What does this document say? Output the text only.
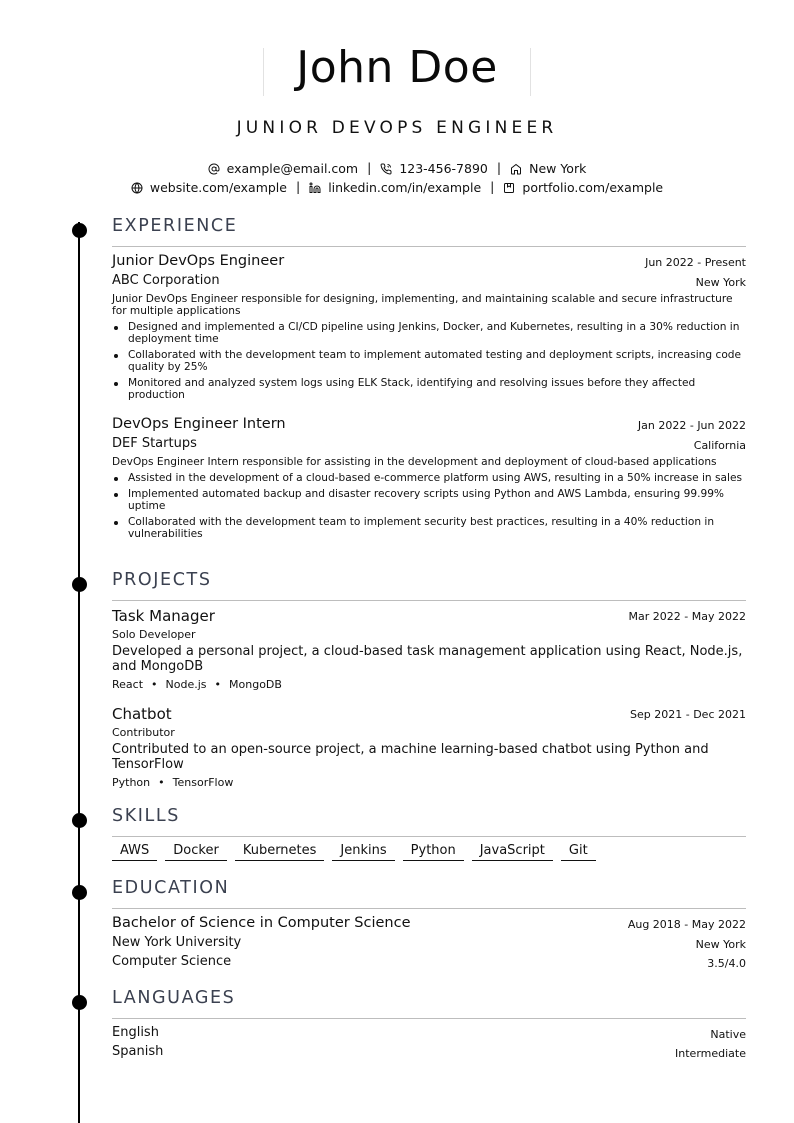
John Doe
JUNIOR DEVOPS ENGINEER
example@email.com | 123-456-7890 | New York
website.com/example | linkedin.com/in/example | portfolio.com/example
EXPERIENCE
Junior DevOps Engineer	Jun 2022 - Present
ABC Corporation	New York
Junior DevOps Engineer responsible for designing, implementing, and maintaining scalable and secure infrastructure for multiple applications
Designed and implemented a CI/CD pipeline using Jenkins, Docker, and Kubernetes, resulting in a 30% reduction in deployment time
Collaborated with the development team to implement automated testing and deployment scripts, increasing code quality by 25%
Monitored and analyzed system logs using ELK Stack, identifying and resolving issues before they affected production
DevOps Engineer Intern	Jan 2022 - Jun 2022
DEF Startups	California
DevOps Engineer Intern responsible for assisting in the development and deployment of cloud-based applications
Assisted in the development of a cloud-based e-commerce platform using AWS, resulting in a 50% increase in sales
Implemented automated backup and disaster recovery scripts using Python and AWS Lambda, ensuring 99.99% uptime
Collaborated with the development team to implement security best practices, resulting in a 40% reduction in vulnerabilities
PROJECTS
Task Manager	Mar 2022 - May 2022
Solo Developer
Developed a personal project, a cloud-based task management application using React, Node.js, and MongoDB
React • Node.js • MongoDB
Chatbot	Sep 2021 - Dec 2021
Contributor
Contributed to an open-source project, a machine learning-based chatbot using Python and TensorFlow
Python • TensorFlow
SKILLS
AWS	Docker	Kubernetes	Jenkins	Python	JavaScript	Git
EDUCATION
Bachelor of Science in Computer Science	Aug 2018 - May 2022
New York University	New York
Computer Science	3.5/4.0
LANGUAGES
English	Native
Spanish	Intermediate
